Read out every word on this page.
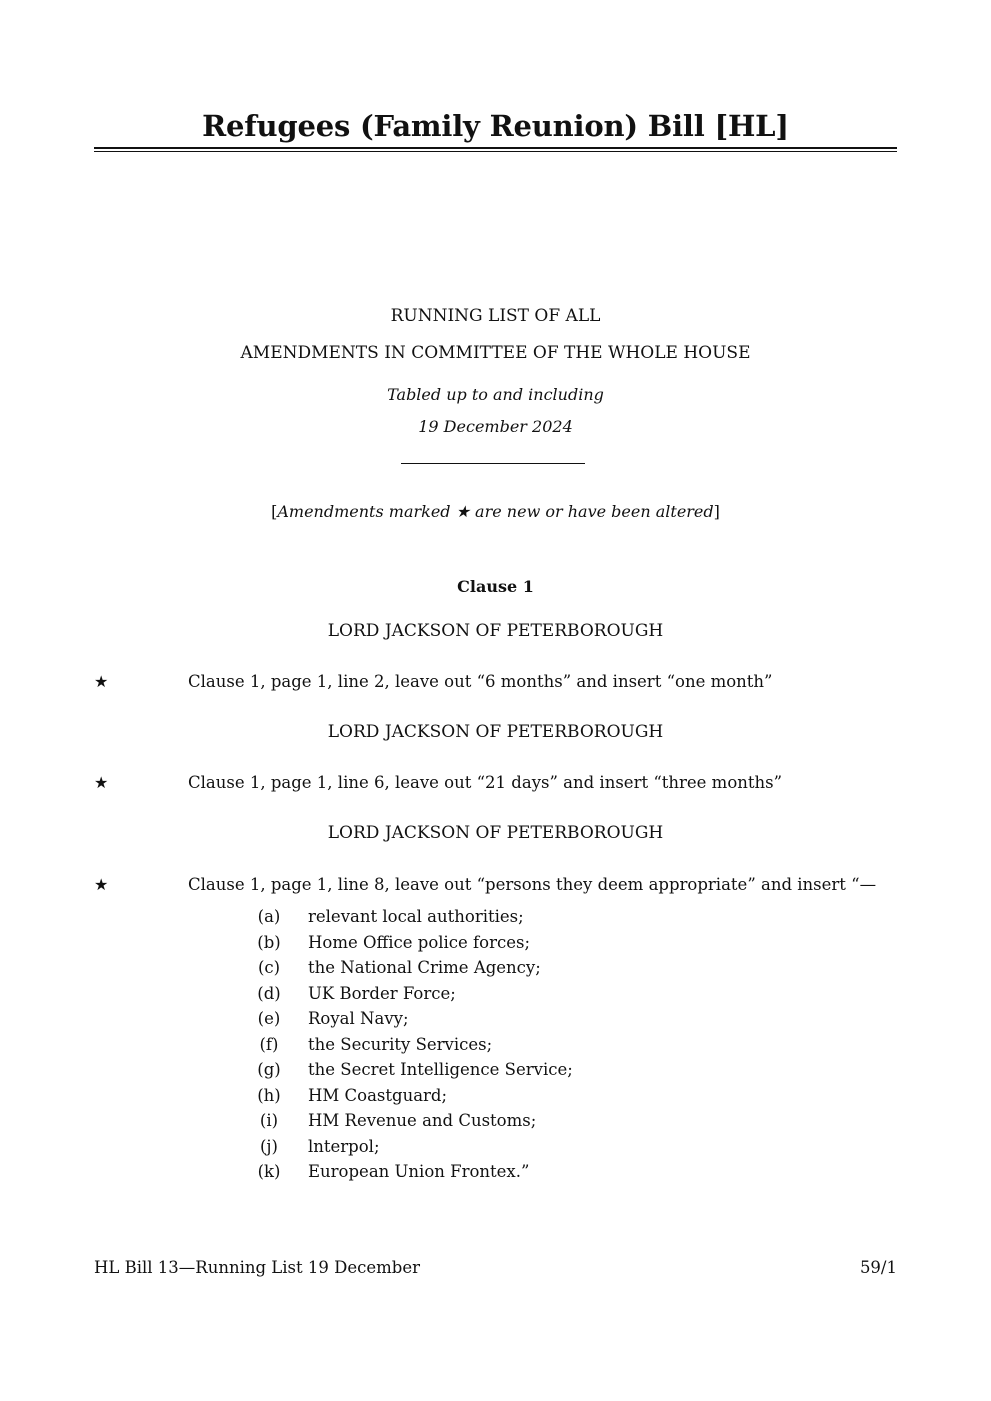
Refugees (Family Reunion) Bill [HL]
RUNNING LIST OF ALL
AMENDMENTS IN COMMITTEE OF THE WHOLE HOUSE
Tabled up to and including
19 December 2024
[Amendments marked ★ are new or have been altered]
Clause 1
LORD JACKSON OF PETERBOROUGH
★	Clause 1, page 1, line 2, leave out “6 months” and insert “one month”
LORD JACKSON OF PETERBOROUGH
★	Clause 1, page 1, line 6, leave out “21 days” and insert “three months”
LORD JACKSON OF PETERBOROUGH
★	Clause 1, page 1, line 8, leave out “persons they deem appropriate” and insert “—
(a) relevant local authorities;
(b) Home Office police forces;
(c) the National Crime Agency;
(d) UK Border Force;
(e) Royal Navy;
(f) the Security Services;
(g) the Secret Intelligence Service;
(h) HM Coastguard;
(i) HM Revenue and Customs;
(j) lnterpol;
(k) European Union Frontex.”
HL Bill 13—Running List 19 December	59/1
